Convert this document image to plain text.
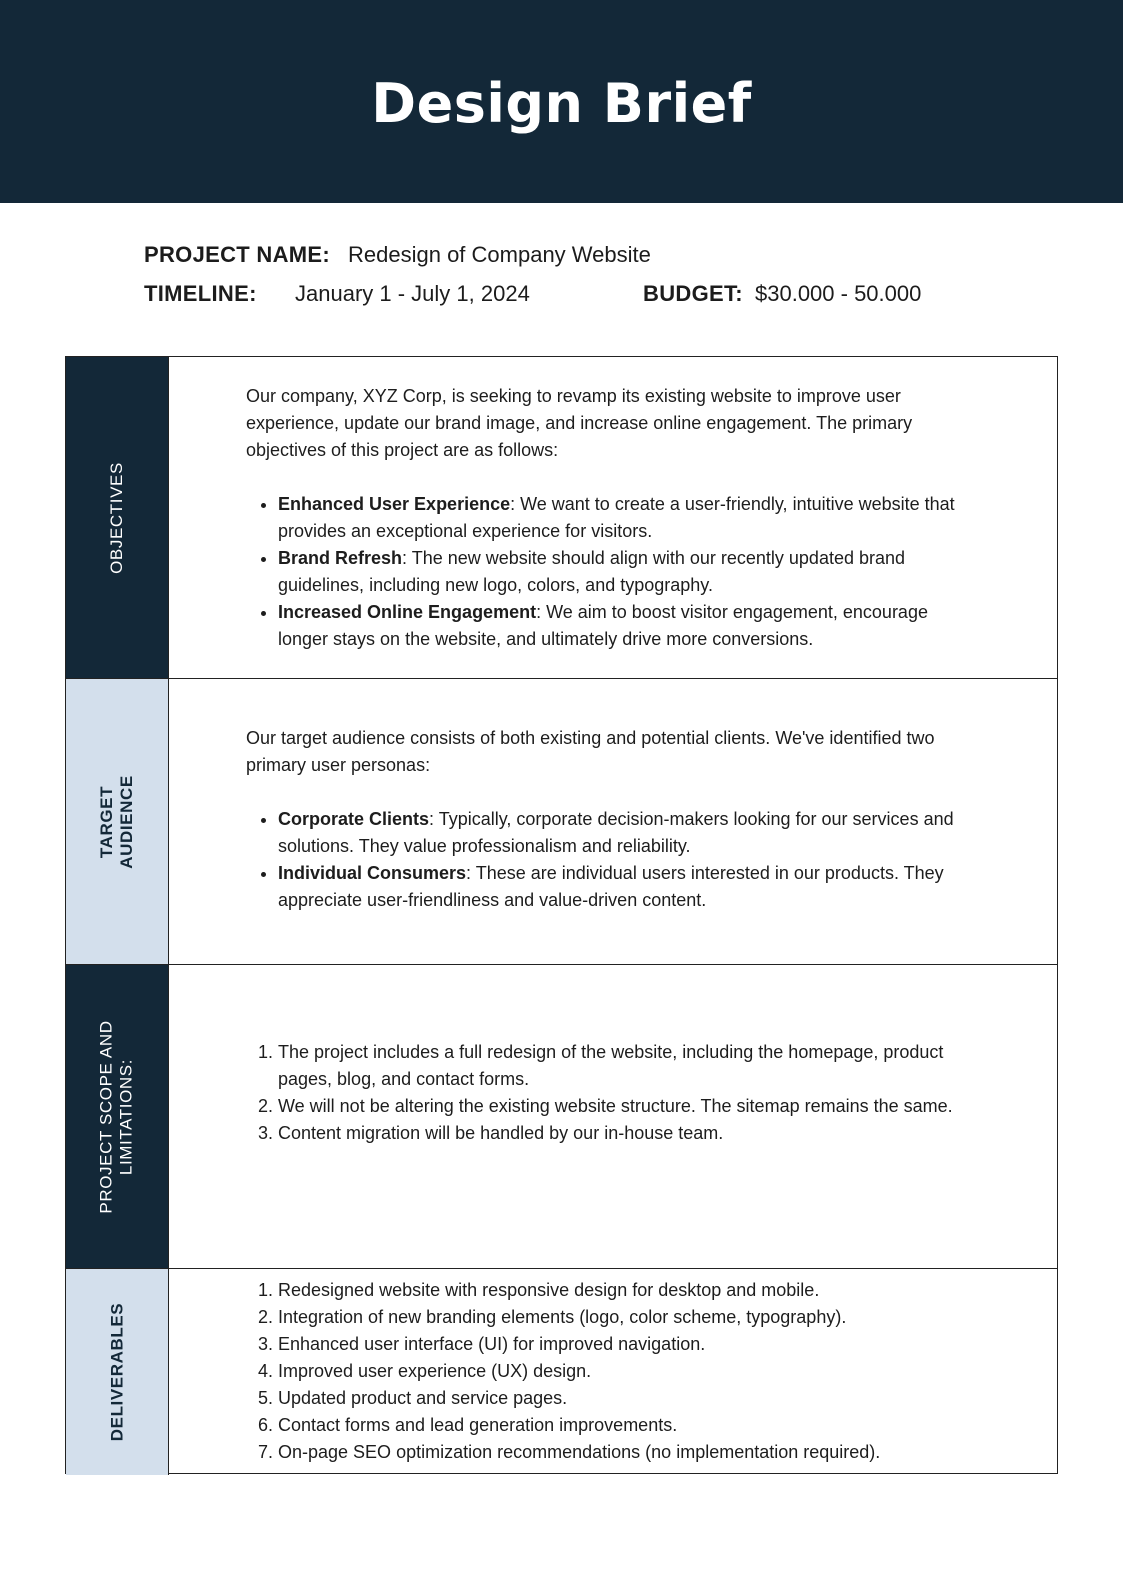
Design Brief
PROJECT NAME: Redesign of Company Website
TIMELINE: January 1 - July 1, 2024	BUDGET: $30.000 - 50.000
OBJECTIVES

Our company, XYZ Corp, is seeking to revamp its existing website to improve user experience, update our brand image, and increase online engagement. The primary objectives of this project are as follows:

• Enhanced User Experience: We want to create a user-friendly, intuitive website that provides an exceptional experience for visitors.
• Brand Refresh: The new website should align with our recently updated brand guidelines, including new logo, colors, and typography.
• Increased Online Engagement: We aim to boost visitor engagement, encourage longer stays on the website, and ultimately drive more conversions.
TARGET AUDIENCE

Our target audience consists of both existing and potential clients. We've identified two primary user personas:

• Corporate Clients: Typically, corporate decision-makers looking for our services and solutions. They value professionalism and reliability.
• Individual Consumers: These are individual users interested in our products. They appreciate user-friendliness and value-driven content.
PROJECT SCOPE AND LIMITATIONS:
1. The project includes a full redesign of the website, including the homepage, product pages, blog, and contact forms.
2. We will not be altering the existing website structure. The sitemap remains the same.
3. Content migration will be handled by our in-house team.
DELIVERABLES
1. Redesigned website with responsive design for desktop and mobile.
2. Integration of new branding elements (logo, color scheme, typography).
3. Enhanced user interface (UI) for improved navigation.
4. Improved user experience (UX) design.
5. Updated product and service pages.
6. Contact forms and lead generation improvements.
7. On-page SEO optimization recommendations (no implementation required).
